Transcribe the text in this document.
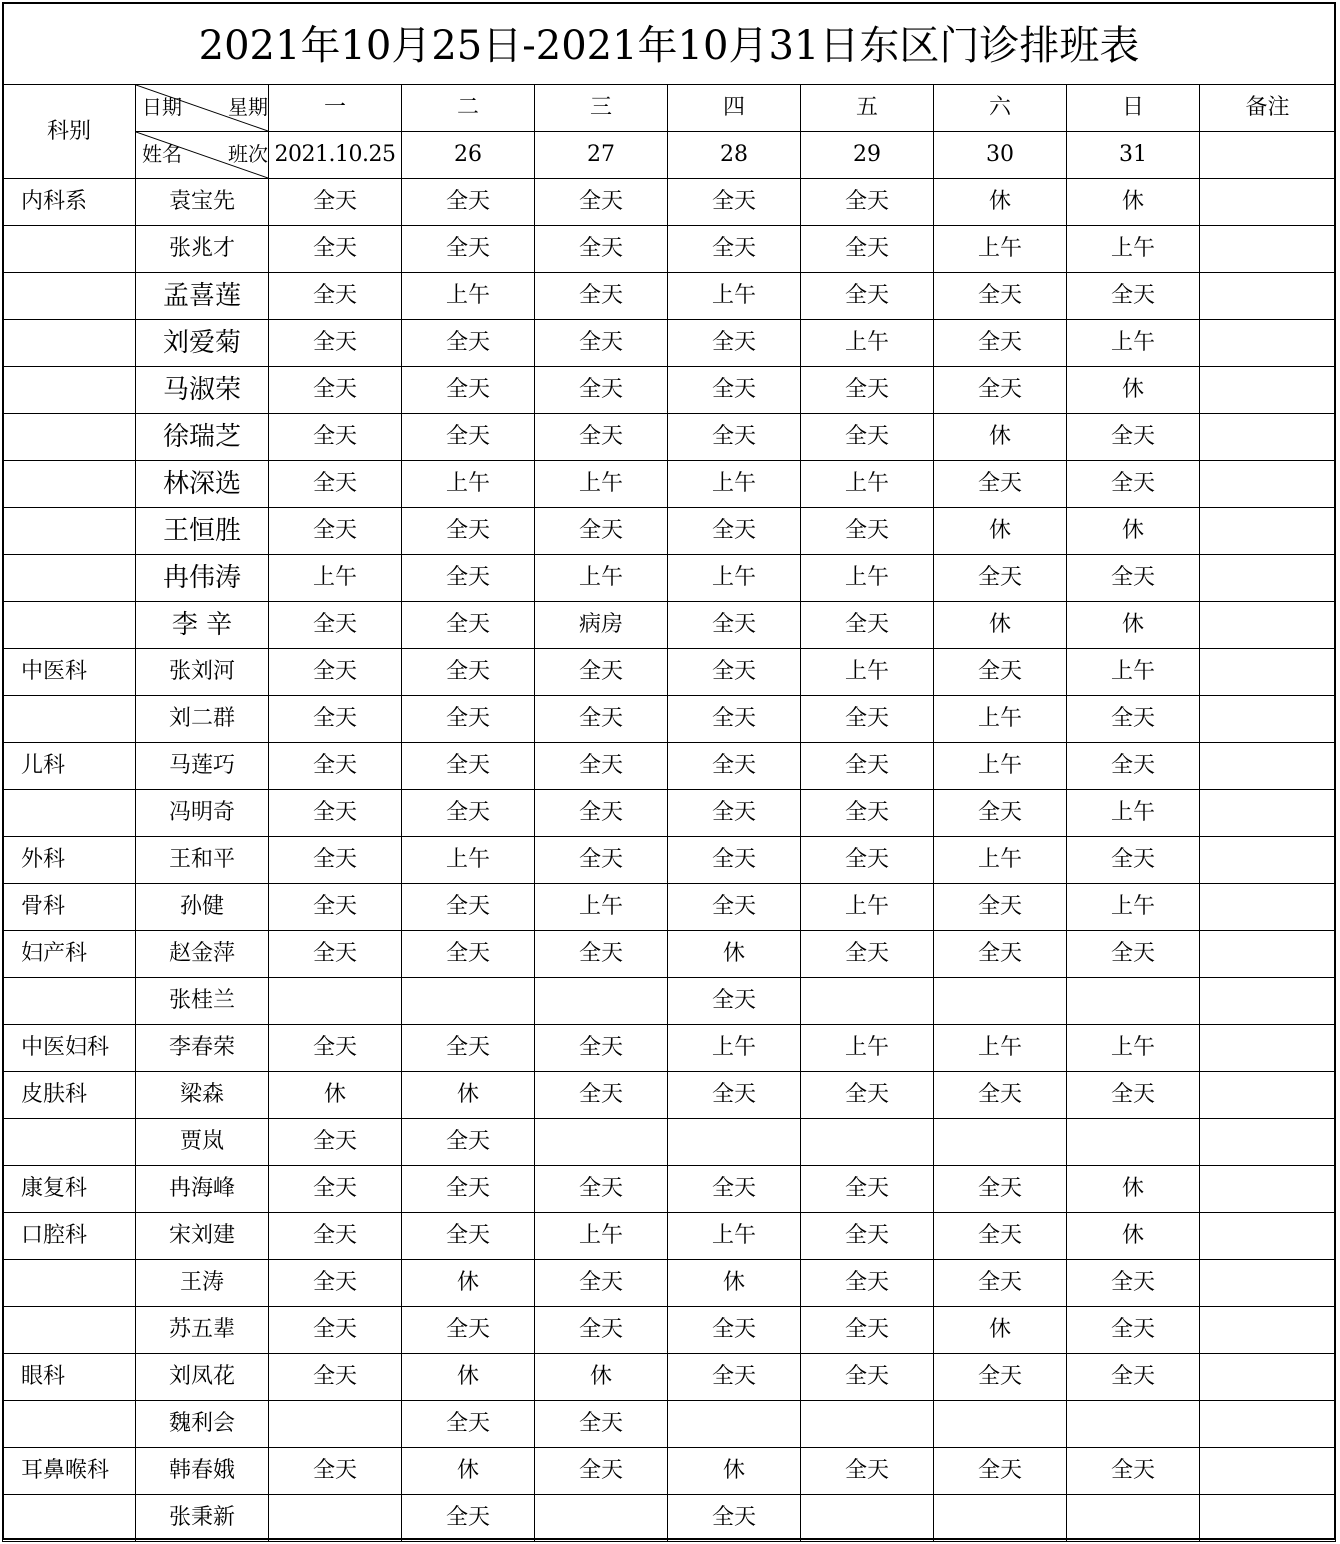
2021年10月25日-2021年10月31日东区门诊排班表
科别	日期 星期	一	二	三	四	五	六	日	备注

	姓名 班次	2021.10.25	26	27	28	29	30	31	
内科系	袁宝先	全天	全天	全天	全天	全天	休	休	
	张兆才	全天	全天	全天	全天	全天	上午	上午	
	孟喜莲	全天	上午	全天	上午	全天	全天	全天	
	刘爱菊	全天	全天	全天	全天	上午	全天	上午	
	马淑荣	全天	全天	全天	全天	全天	全天	休	
	徐瑞芝	全天	全天	全天	全天	全天	休	全天	
	林深选	全天	上午	上午	上午	上午	全天	全天	
	王恒胜	全天	全天	全天	全天	全天	休	休	
	冉伟涛	上午	全天	上午	上午	上午	全天	全天	
	李 辛	全天	全天	病房	全天	全天	休	休	
中医科	张刘河	全天	全天	全天	全天	上午	全天	上午	
	刘二群	全天	全天	全天	全天	全天	上午	全天	
儿科	马莲巧	全天	全天	全天	全天	全天	上午	全天	
	冯明奇	全天	全天	全天	全天	全天	全天	上午	
外科	王和平	全天	上午	全天	全天	全天	上午	全天	
骨科	孙健	全天	全天	上午	全天	上午	全天	上午	
妇产科	赵金萍	全天	全天	全天	休	全天	全天	全天	
	张桂兰				全天				
中医妇科	李春荣	全天	全天	全天	上午	上午	上午	上午	
皮肤科	梁森	休	休	全天	全天	全天	全天	全天	
	贾岚	全天	全天						
康复科	冉海峰	全天	全天	全天	全天	全天	全天	休	
口腔科	宋刘建	全天	全天	上午	上午	全天	全天	休	
	王涛	全天	休	全天	休	全天	全天	全天	
	苏五辈	全天	全天	全天	全天	全天	休	全天	
眼科	刘凤花	全天	休	休	全天	全天	全天	全天	
	魏利会		全天	全天					
耳鼻喉科	韩春娥	全天	休	全天	休	全天	全天	全天	
	张秉新		全天		全天				
